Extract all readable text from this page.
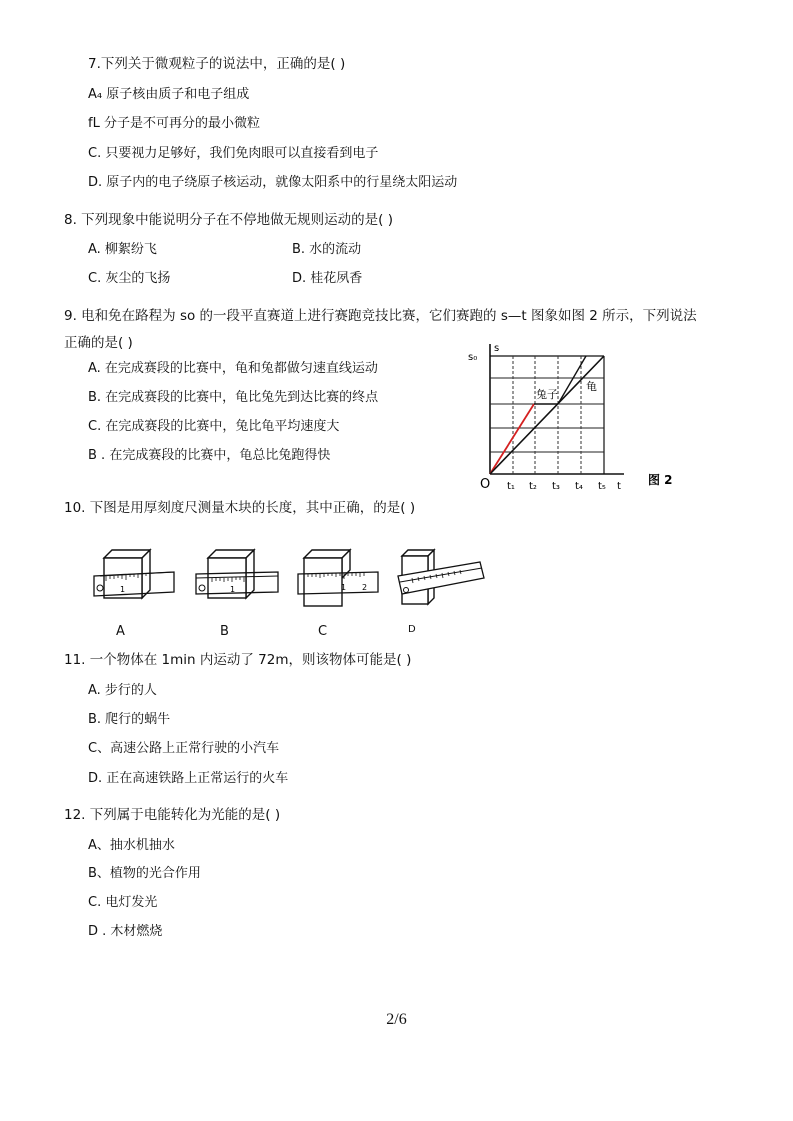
7.下列关于微观粒子的说法中，正确的是( )
A₄ 原子核由质子和电子组成
fL 分子是不可再分的最小微粒
C. 只要视力足够好，我们免肉眼可以直接看到电子
D. 原子内的电子绕原子核运动，就像太阳系中的行星绕太阳运动
8. 下列现象中能说明分子在不停地做无规则运动的是( )
A. 柳絮纷飞	B. 水的流动
C. 灰尘的飞扬	D. 桂花夙香
9. 电和免在路程为 so 的一段平直赛道上进行赛跑竞技比赛，它们赛跑的 s—t 图象如图 2 所示，下列说法
正确的是( )
A. 在完成赛段的比赛中，龟和兔都做匀速直线运动
B. 在完成赛段的比赛中，龟比兔先到达比赛的终点
C. 在完成赛段的比赛中，兔比龟平均速度大
B . 在完成赛段的比赛中，龟总比兔跑得快
s₀
s
兔子
龟
O t₁ t₂ t₃ t₄ t₅ t 图 2
10. 下图是用厚刻度尺测量木块的长度，其中正确，的是( )
1
A
1
B
1 2
C	D
11. 一个物体在 1min 内运动了 72m，则该物体可能是( )
A. 步行的人
B. 爬行的蜗牛
C、高速公路上正常行驶的小汽车
D. 正在高速铁路上正常运行的火车
12. 下列属于电能转化为光能的是( )
A、抽水机抽水
B、植物的光合作用
C. 电灯发光
D . 木材燃烧
2/6
